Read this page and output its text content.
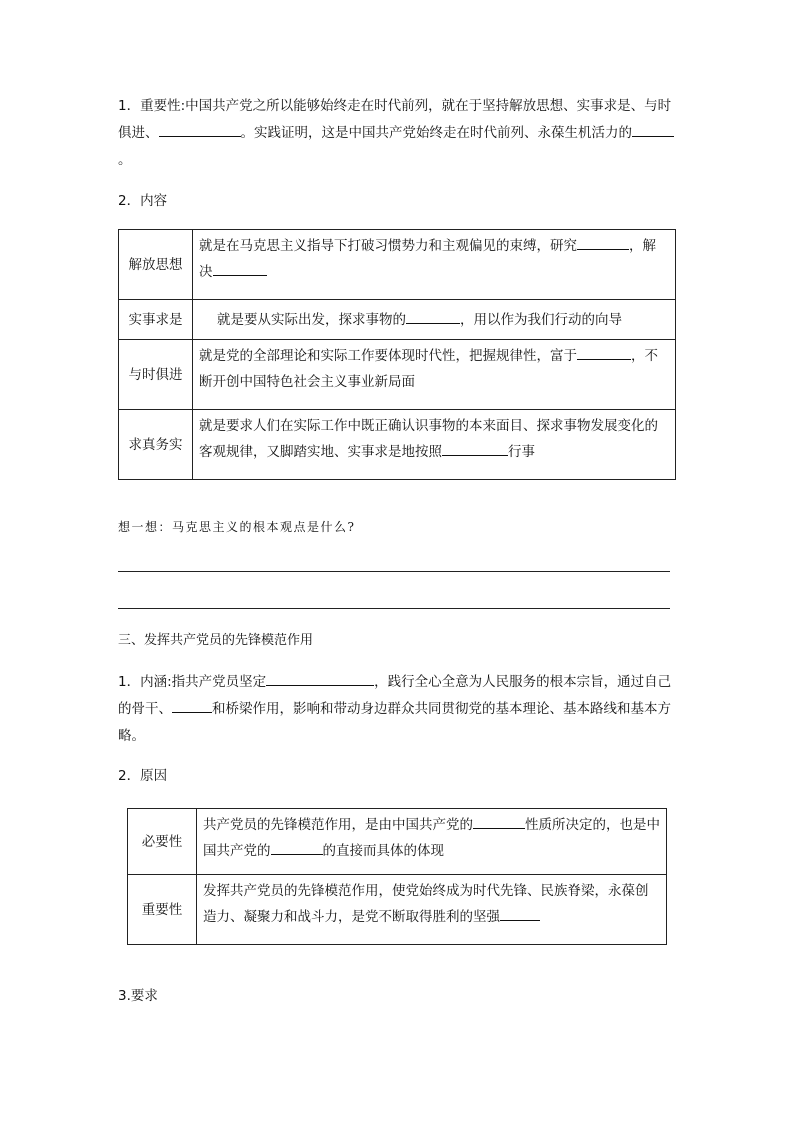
1．重要性:中国共产党之所以能够始终走在时代前列，就在于坚持解放思想、实事求是、与时俱进、	。实践证明，这是中国共产党始终走在时代前列、永葆生机活力的。

2．内容

解放思想	就是在马克思主义指导下打破习惯势力和主观偏见的束缚，研究 ，解决
实事求是	就是要从实际出发，探求事物的 ，用以作为我们行动的向导
与时俱进	就是党的全部理论和实际工作要体现时代性，把握规律性，富于 ，不断开创中国特色社会主义事业新局面
求真务实	就是要求人们在实际工作中既正确认识事物的本来面目、探求事物发展变化的客观规律，又脚踏实地、实事求是地按照 行事

想一想：马克思主义的根本观点是什么?

三、发挥共产党员的先锋模范作用

1．内涵:指共产党员坚定	，践行全心全意为人民服务的根本宗旨，通过自己的骨干、	和桥梁作用，影响和带动身边群众共同贯彻党的基本理论、基本路线和基本方略。

2．原因

必要性	共产党员的先锋模范作用，是由中国共产党的 性质所决定的，也是中国共产党的 的直接而具体的体现
重要性	发挥共产党员的先锋模范作用，使党始终成为时代先锋、民族脊梁，永葆创造力、凝聚力和战斗力，是党不断取得胜利的坚强

3.要求
